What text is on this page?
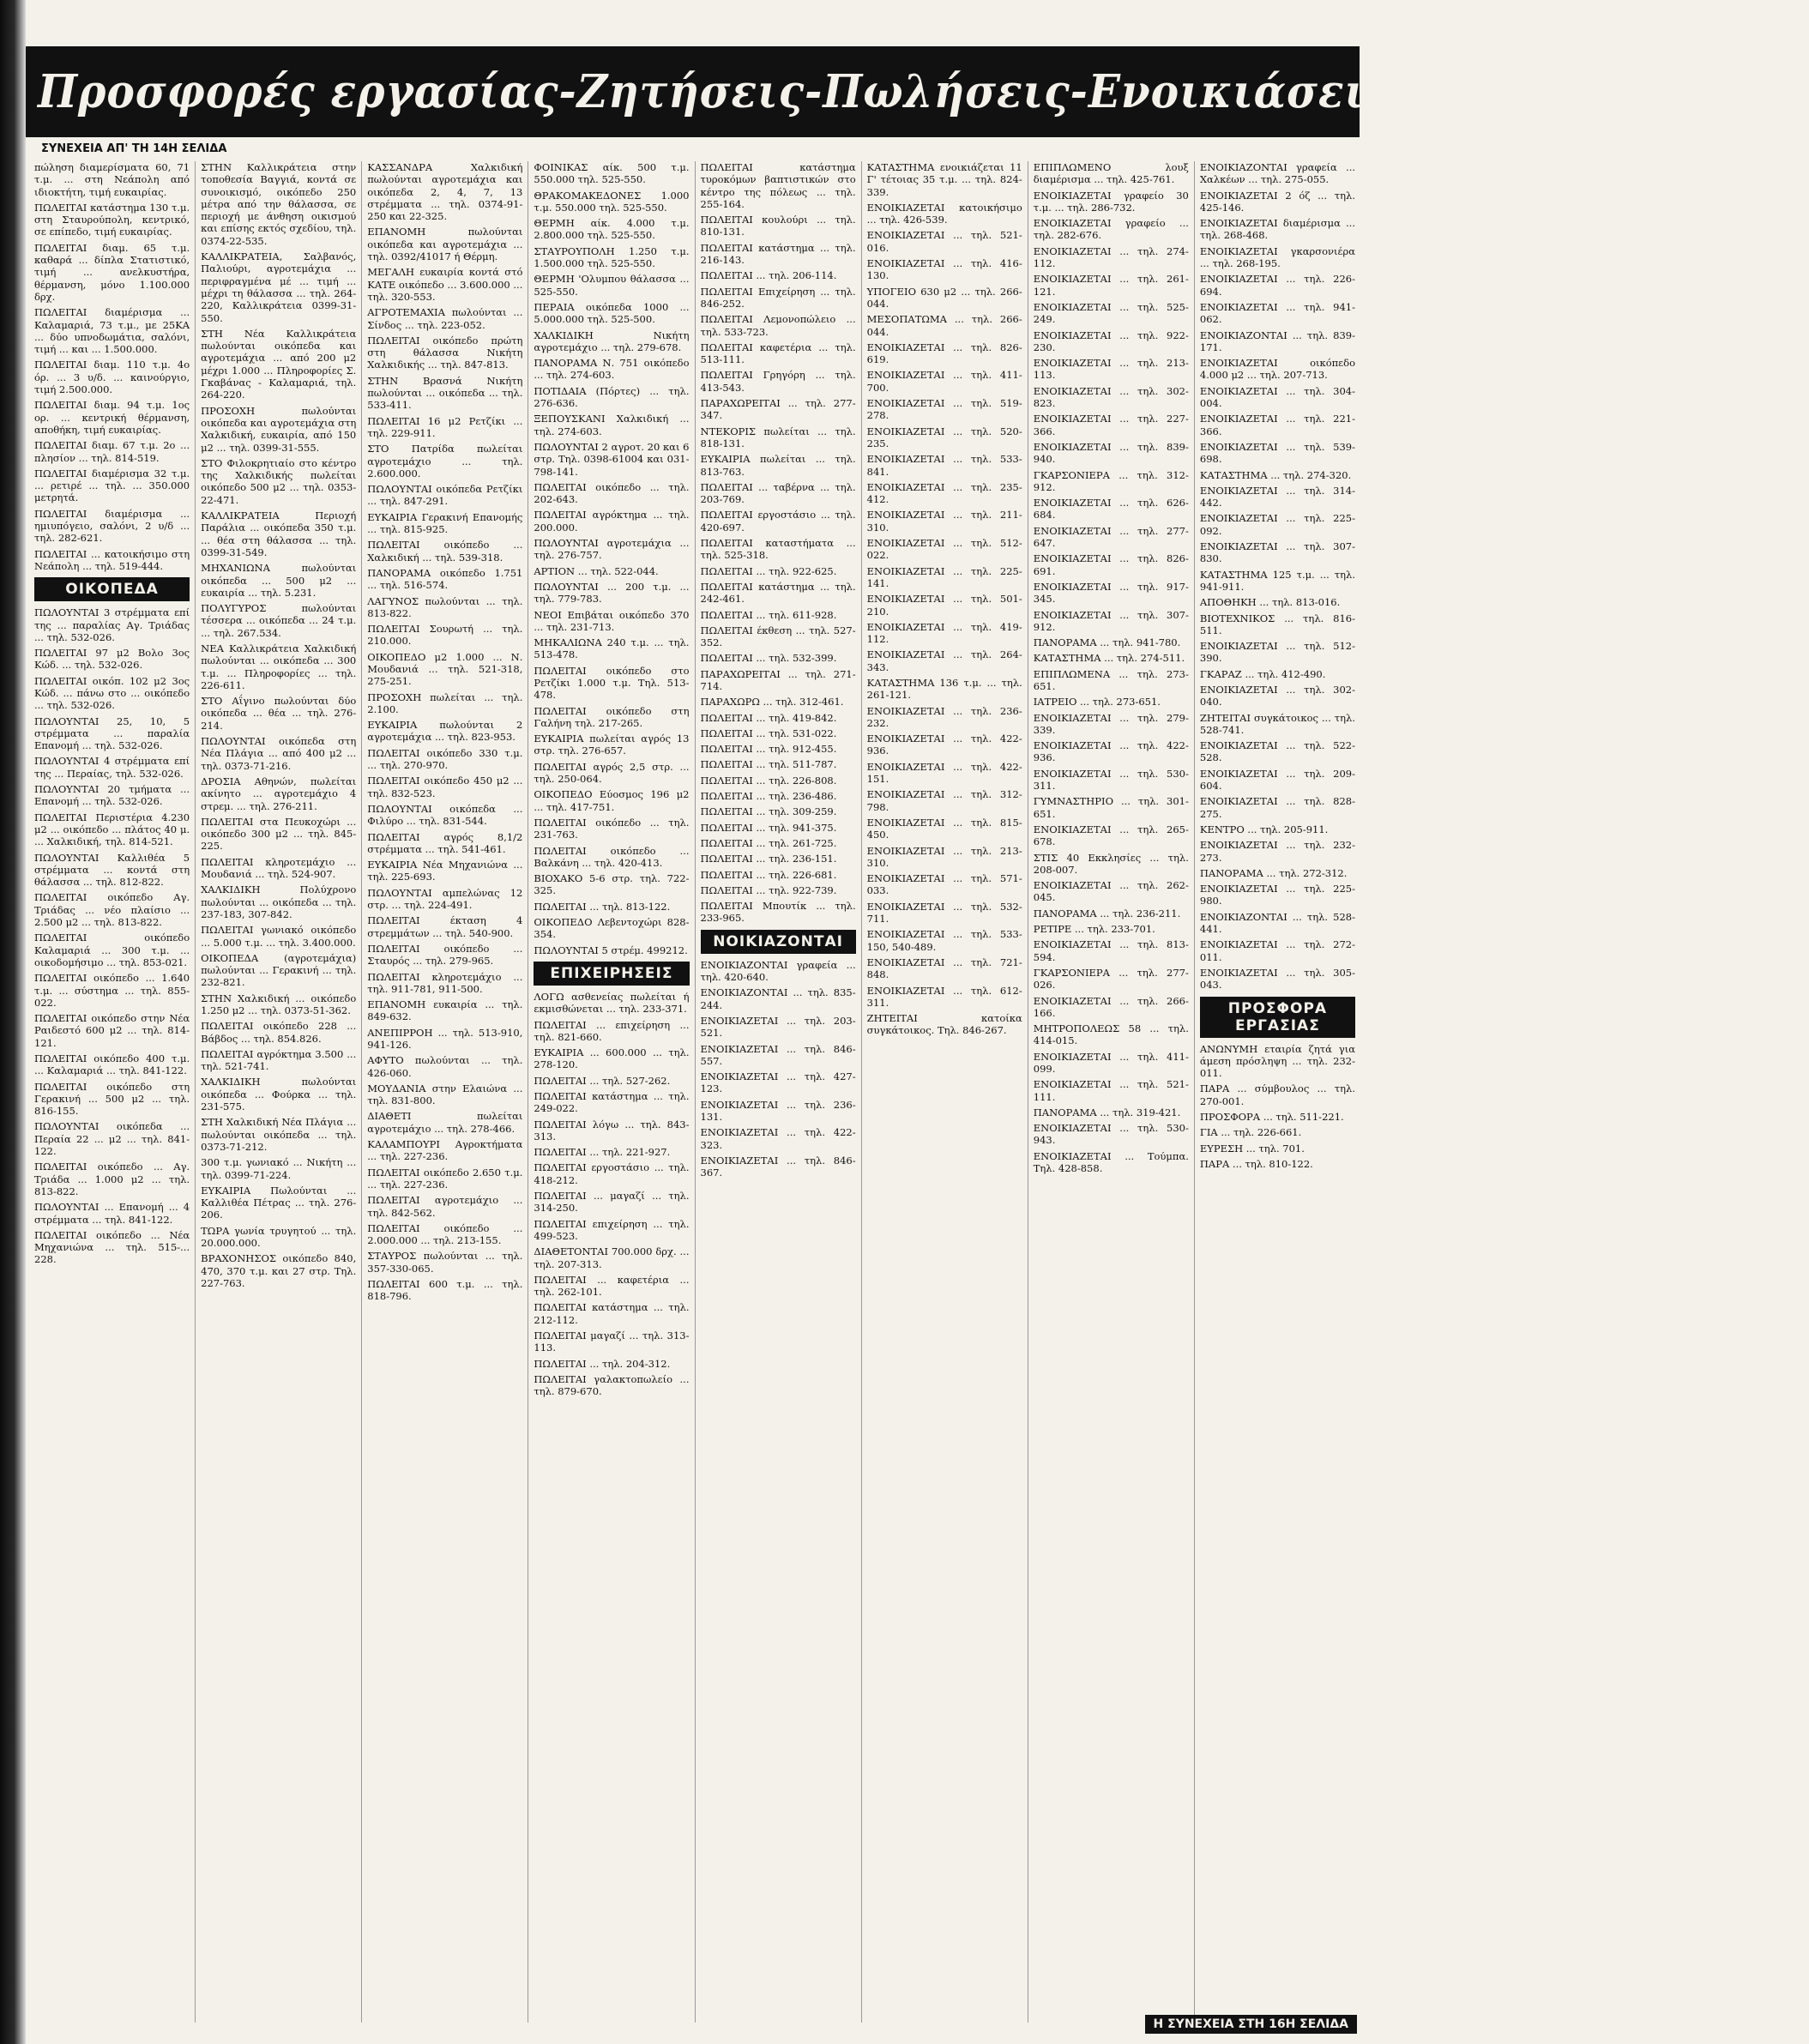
Προσφορές εργασίας-Ζητήσεις-Πωλήσεις-Ενοικιάσεις-Αγορές-Ακίνητα
ΣΥΝΕΧΕΙΑ ΑΠ' ΤΗ 14Η ΣΕΛΙΔΑ
πώληση διαμερίσματα 60, 71 τ.μ. ... στη Νεάπολη από ιδιοκτήτη, τιμή ευκαιρίας.
ΠΩΛΕΙΤΑΙ κατάστημα 130 τ.μ. στη Σταυρούπολη, κεντρικό, σε επίπεδο, τιμή ευκαιρίας.
ΠΩΛΕΙΤΑΙ διαμ. 65 τ.μ. καθαρά ... δίπλα Στατιστικό, τιμή ... ανελκυστήρα, θέρμανση, μόνο 1.100.000 δρχ.
ΠΩΛΕΙΤΑΙ διαμέρισμα ... Καλαμαριά, 73 τ.μ., με 25ΚΑ ... δύο υπνοδωμάτια, σαλόνι, τιμή ... και ... 1.500.000.
ΠΩΛΕΙΤΑΙ διαμ. 110 τ.μ. 4ο όρ. ... 3 υ/δ. ... καινούργιο, τιμή 2.500.000.
ΠΩΛΕΙΤΑΙ διαμ. 94 τ.μ. 1ος ορ. ... κεντρική θέρμανση, αποθήκη, τιμή ευκαιρίας.
ΠΩΛΕΙΤΑΙ διαμ. 67 τ.μ. 2ο ... πλησίον ... τηλ. 814-519.
ΠΩΛΕΙΤΑΙ διαμέρισμα 32 τ.μ. ... ρετιρέ ... τηλ. ... 350.000 μετρητά.
ΠΩΛΕΙΤΑΙ διαμέρισμα ... ημιυπόγειο, σαλόνι, 2 υ/δ ... τηλ. 282-621.
ΠΩΛΕΙΤΑΙ ... κατοικήσιμο στη Νεάπολη ... τηλ. 519-444.
ΟΙΚΟΠΕΔΑ
ΠΩΛΟΥΝΤΑΙ 3 στρέμματα επί της ... παραλίας Αγ. Τριάδας ... τηλ. 532-026.
ΠΩΛΕΙΤΑΙ 97 μ2 Βολο 3ος Κώδ. ... τηλ. 532-026.
ΠΩΛΕΙΤΑΙ οικόπ. 102 μ2 3ος Κώδ. ... πάνω στο ... οικόπεδο ... τηλ. 532-026.
ΠΩΛΟΥΝΤΑΙ 25, 10, 5 στρέμματα ... παραλία Επανομή ... τηλ. 532-026.
ΠΩΛΟΥΝΤΑΙ 4 στρέμματα επί της ... Περαίας, τηλ. 532-026.
ΠΩΛΟΥΝΤΑΙ 20 τμήματα ... Επανομή ... τηλ. 532-026.
ΠΩΛΕΙΤΑΙ Περιστέρια 4.230 μ2 ... οικόπεδο ... πλάτος 40 μ. ... Χαλκιδική, τηλ. 814-521.
ΠΩΛΟΥΝΤΑΙ Καλλιθέα 5 στρέμματα ... κοντά στη θάλασσα ... τηλ. 812-822.
ΠΩΛΕΙΤΑΙ οικόπεδο Αγ. Τριάδας ... νέο πλαίσιο ... 2.500 μ2 ... τηλ. 813-822.
ΠΩΛΕΙΤΑΙ οικόπεδο Καλαμαριά ... 300 τ.μ. ... οικοδομήσιμο ... τηλ. 853-021.
ΠΩΛΕΙΤΑΙ οικόπεδο ... 1.640 τ.μ. ... σύστημα ... τηλ. 855-022.
ΠΩΛΕΙΤΑΙ οικόπεδο στην Νέα Ραιδεστό 600 μ2 ... τηλ. 814-121.
ΠΩΛΕΙΤΑΙ οικόπεδο 400 τ.μ. ... Καλαμαριά ... τηλ. 841-122.
ΠΩΛΕΙΤΑΙ οικόπεδο στη Γερακινή ... 500 μ2 ... τηλ. 816-155.
ΠΩΛΟΥΝΤΑΙ οικόπεδα ... Περαία 22 ... μ2 ... τηλ. 841-122.
ΠΩΛΕΙΤΑΙ οικόπεδο ... Αγ. Τριάδα ... 1.000 μ2 ... τηλ. 813-822.
ΠΩΛΟΥΝΤΑΙ ... Επανομή ... 4 στρέμματα ... τηλ. 841-122.
ΠΩΛΕΙΤΑΙ οικόπεδο ... Νέα Μηχανιώνα ... τηλ. 515-... 228.
ΣΤΗΝ Καλλικράτεια στην τοποθεσία Βαγγιά, κοντά σε συνοικισμό, οικόπεδο 250 μέτρα από την θάλασσα, σε περιοχή με άνθηση οικισμού και επίσης εκτός σχεδίου, τηλ. 0374-22-535.
ΚΑΛΛΙΚΡΑΤΕΙΑ, Σαλβανός, Παλιούρι, αγροτεμάχια ... περιφραγμένα μέ ... τιμή ... μέχρι τη θάλασσα ... τηλ. 264-220, Καλλικράτεια 0399-31-550.
ΣΤΗ Νέα Καλλικράτεια πωλούνται οικόπεδα και αγροτεμάχια ... από 200 μ2 μέχρι 1.000 ... Πληροφορίες Σ. Γκαβάνας - Καλαμαριά, τηλ. 264-220.
ΠΡΟΣΟΧΗ πωλούνται οικόπεδα και αγροτεμάχια στη Χαλκιδική, ευκαιρία, από 150 μ2 ... τηλ. 0399-31-555.
ΣΤΟ Φιλοκρητιαίο στο κέντρο της Χαλκιδικής πωλείται οικόπεδο 500 μ2 ... τηλ. 0353-22-471.
ΚΑΛΛΙΚΡΑΤΕΙΑ Περιοχή Παράλια ... οικόπεδα 350 τ.μ. ... θέα στη θάλασσα ... τηλ. 0399-31-549.
ΜΗΧΑΝΙΩΝΑ πωλούνται οικόπεδα ... 500 μ2 ... ευκαιρία ... τηλ. 5.231.
ΠΟΛΥΓΥΡΟΣ πωλούνται τέσσερα ... οικόπεδα ... 24 τ.μ. ... τηλ. 267.534.
ΝΕΑ Καλλικράτεια Χαλκιδική πωλούνται ... οικόπεδα ... 300 τ.μ. ... Πληροφορίες ... τηλ. 226-611.
ΣΤΟ Αΐγινο πωλούνται δύο οικόπεδα ... θέα ... τηλ. 276-214.
ΠΩΛΟΥΝΤΑΙ οικόπεδα στη Νέα Πλάγια ... από 400 μ2 ... τηλ. 0373-71-216.
ΔΡΟΣΙΑ Αθηνών, πωλείται ακίνητο ... αγροτεμάχιο 4 στρεμ. ... τηλ. 276-211.
ΠΩΛΕΙΤΑΙ στα Πευκοχώρι ... οικόπεδο 300 μ2 ... τηλ. 845-225.
ΠΩΛΕΙΤΑΙ κληροτεμάχιο ... Μουδανιά ... τηλ. 524-907.
ΧΑΛΚΙΔΙΚΗ Πολύχρονο πωλούνται ... οικόπεδα ... τηλ. 237-183, 307-842.
ΠΩΛΕΙΤΑΙ γωνιακό οικόπεδο ... 5.000 τ.μ. ... τηλ. 3.400.000.
ΟΙΚΟΠΕΔΑ (αγροτεμάχια) πωλούνται ... Γερακινή ... τηλ. 232-821.
ΣΤΗΝ Χαλκιδική ... οικόπεδο 1.250 μ2 ... τηλ. 0373-51-362.
ΠΩΛΕΙΤΑΙ οικόπεδο 228 ... Βάβδος ... τηλ. 854.826.
ΠΩΛΕΙΤΑΙ αγρόκτημα 3.500 ... τηλ. 521-741.
ΧΑΛΚΙΔΙΚΗ πωλούνται οικόπεδα ... Φούρκα ... τηλ. 231-575.
ΣΤΗ Χαλκιδική Νέα Πλάγια ... πωλούνται οικόπεδα ... τηλ. 0373-71-212.
300 τ.μ. γωνιακό ... Νικήτη ... τηλ. 0399-71-224.
ΕΥΚΑΙΡΙΑ Πωλούνται ... Καλλιθέα Πέτρας ... τηλ. 276-206.
ΤΩΡΑ γωνία τρυγητού ... τηλ. 20.000.000.
ΒΡΑΧΟΝΗΣΟΣ οικόπεδο 840, 470, 370 τ.μ. και 27 στρ. Τηλ. 227-763.
ΚΑΣΣΑΝΔΡΑ Χαλκιδική πωλούνται αγροτεμάχια και οικόπεδα 2, 4, 7, 13 στρέμματα ... τηλ. 0374-91-250 και 22-325.
ΕΠΑΝΟΜΗ πωλούνται οικόπεδα και αγροτεμάχια ... τηλ. 0392/41017 ή Θέρμη.
ΜΕΓΑΛΗ ευκαιρία κοντά στό ΚΑΤΕ οικόπεδο ... 3.600.000 ... τηλ. 320-553.
ΑΓΡΟΤΕΜΑΧΙΑ πωλούνται ... Σίνδος ... τηλ. 223-052.
ΠΩΛΕΙΤΑΙ οικόπεδο πρώτη στη θάλασσα Νικήτη Χαλκιδικής ... τηλ. 847-813.
ΣΤΗΝ Βρασνά Νικήτη πωλούνται ... οικόπεδα ... τηλ. 533-411.
ΠΩΛΕΙΤΑΙ 16 μ2 Ρετζίκι ... τηλ. 229-911.
ΣΤΟ Πατρίδα πωλείται αγροτεμάχιο ... τηλ. 2.600.000.
ΠΩΛΟΥΝΤΑΙ οικόπεδα Ρετζίκι ... τηλ. 847-291.
ΕΥΚΑΙΡΙΑ Γερακινή Επανομής ... τηλ. 815-925.
ΠΩΛΕΙΤΑΙ οικόπεδο ... Χαλκιδική ... τηλ. 539-318.
ΠΑΝΟΡΑΜΑ οικόπεδο 1.751 ... τηλ. 516-574.
ΛΑΓΥΝΟΣ πωλούνται ... τηλ. 813-822.
ΠΩΛΕΙΤΑΙ Σουρωτή ... τηλ. 210.000.
ΟΙΚΟΠΕΔΟ μ2 1.000 ... Ν. Μουδανιά ... τηλ. 521-318, 275-251.
ΠΡΟΣΟΧΗ πωλείται ... τηλ. 2.100.
ΕΥΚΑΙΡΙΑ πωλούνται 2 αγροτεμάχια ... τηλ. 823-953.
ΠΩΛΕΙΤΑΙ οικόπεδο 330 τ.μ. ... τηλ. 270-970.
ΠΩΛΕΙΤΑΙ οικόπεδο 450 μ2 ... τηλ. 832-523.
ΠΩΛΟΥΝΤΑΙ οικόπεδα ... Φιλύρο ... τηλ. 831-544.
ΠΩΛΕΙΤΑΙ αγρός 8,1/2 στρέμματα ... τηλ. 541-461.
ΕΥΚΑΙΡΙΑ Νέα Μηχανιώνα ... τηλ. 225-693.
ΠΩΛΟΥΝΤΑΙ αμπελώνας 12 στρ. ... τηλ. 224-491.
ΠΩΛΕΙΤΑΙ έκταση 4 στρεμμάτων ... τηλ. 540-900.
ΠΩΛΕΙΤΑΙ οικόπεδο ... Σταυρός ... τηλ. 279-965.
ΠΩΛΕΙΤΑΙ κληροτεμάχιο ... τηλ. 911-781, 911-500.
ΕΠΑΝΟΜΗ ευκαιρία ... τηλ. 849-632.
ΑΝΕΠΙΡΡΟΗ ... τηλ. 513-910, 941-126.
ΑΦΥΤΟ πωλούνται ... τηλ. 426-060.
ΜΟΥΔΑΝΙΑ στην Ελαιώνα ... τηλ. 831-800.
ΔΙΑΘΕΤΙ πωλείται αγροτεμάχιο ... τηλ. 278-466.
ΚΑΛΑΜΠΟΥΡΙ Αγροκτήματα ... τηλ. 227-236.
ΠΩΛΕΙΤΑΙ οικόπεδο 2.650 τ.μ. ... τηλ. 227-236.
ΠΩΛΕΙΤΑΙ αγροτεμάχιο ... τηλ. 842-562.
ΠΩΛΕΙΤΑΙ οικόπεδο ... 2.000.000 ... τηλ. 213-155.
ΣΤΑΥΡΟΣ πωλούνται ... τηλ. 357-330-065.
ΠΩΛΕΙΤΑΙ 600 τ.μ. ... τηλ. 818-796.
ΦΟΙΝΙΚΑΣ αίκ. 500 τ.μ. 550.000 τηλ. 525-550.
ΘΡΑΚΟΜΑΚΕΔΟΝΕΣ 1.000 τ.μ. 550.000 τηλ. 525-550.
ΘΕΡΜΗ αίκ. 4.000 τ.μ. 2.800.000 τηλ. 525-550.
ΣΤΑΥΡΟΥΠΟΛΗ 1.250 τ.μ. 1.500.000 τηλ. 525-550.
ΘΕΡΜΗ 'Ολυμπου θάλασσα ... 525-550.
ΠΕΡΑΙΑ οικόπεδα 1000 ... 5.000.000 τηλ. 525-500.
ΧΑΛΚΙΔΙΚΗ Νικήτη αγροτεμάχιο ... τηλ. 279-678.
ΠΑΝΟΡΑΜΑ Ν. 751 οικόπεδο ... τηλ. 274-603.
ΠΟΤΙΔΑΙΑ (Πόρτες) ... τηλ. 276-636.
ΞΕΠΟΥΣΚΑΝΙ Χαλκιδική ... τηλ. 274-603.
ΠΩΛΟΥΝΤΑΙ 2 αγροτ. 20 και 6 στρ. Τηλ. 0398-61004 και 031-798-141.
ΠΩΛΕΙΤΑΙ οικόπεδο ... τηλ. 202-643.
ΠΩΛΕΙΤΑΙ αγρόκτημα ... τηλ. 200.000.
ΠΩΛΟΥΝΤΑΙ αγροτεμάχια ... τηλ. 276-757.
ΑΡΤΙΟΝ ... τηλ. 522-044.
ΠΩΛΟΥΝΤΑΙ ... 200 τ.μ. ... τηλ. 779-783.
ΝΕΟΙ Επιβάται οικόπεδο 370 ... τηλ. 231-713.
ΜΗΚΑΛΙΩΝΑ 240 τ.μ. ... τηλ. 513-478.
ΠΩΛΕΙΤΑΙ οικόπεδο στο Ρετζίκι 1.000 τ.μ. Τηλ. 513-478.
ΠΩΛΕΙΤΑΙ οικόπεδο στη Γαλήνη τηλ. 217-265.
ΕΥΚΑΙΡΙΑ πωλείται αγρός 13 στρ. τηλ. 276-657.
ΠΩΛΕΙΤΑΙ αγρός 2,5 στρ. ... τηλ. 250-064.
ΟΙΚΟΠΕΔΟ Εύοσμος 196 μ2 ... τηλ. 417-751.
ΠΩΛΕΙΤΑΙ οικόπεδο ... τηλ. 231-763.
ΠΩΛΕΙΤΑΙ οικόπεδο ... Βαλκάνη ... τηλ. 420-413.
ΒΙΟΧΑΚΟ 5-6 στρ. τηλ. 722-325.
ΠΩΛΕΙΤΑΙ ... τηλ. 813-122.
ΟΙΚΟΠΕΔΟ Λεβεντοχώρι 828-354.
ΠΩΛΟΥΝΤΑΙ 5 στρέμ. 499212.
ΕΠΙΧΕΙΡΗΣΕΙΣ
ΛΟΓΩ ασθενείας πωλείται ή εκμισθώνεται ... τηλ. 233-371.
ΠΩΛΕΙΤΑΙ ... επιχείρηση ... τηλ. 821-660.
ΕΥΚΑΙΡΙΑ ... 600.000 ... τηλ. 278-120.
ΠΩΛΕΙΤΑΙ ... τηλ. 527-262.
ΠΩΛΕΙΤΑΙ κατάστημα ... τηλ. 249-022.
ΠΩΛΕΙΤΑΙ λόγω ... τηλ. 843-313.
ΠΩΛΕΙΤΑΙ ... τηλ. 221-927.
ΠΩΛΕΙΤΑΙ εργοστάσιο ... τηλ. 418-212.
ΠΩΛΕΙΤΑΙ ... μαγαζί ... τηλ. 314-250.
ΠΩΛΕΙΤΑΙ επιχείρηση ... τηλ. 499-523.
ΔΙΑΘΕΤΟΝΤΑΙ 700.000 δρχ. ... τηλ. 207-313.
ΠΩΛΕΙΤΑΙ ... καφετέρια ... τηλ. 262-101.
ΠΩΛΕΙΤΑΙ κατάστημα ... τηλ. 212-112.
ΠΩΛΕΙΤΑΙ μαγαζί ... τηλ. 313-113.
ΠΩΛΕΙΤΑΙ ... τηλ. 204-312.
ΠΩΛΕΙΤΑΙ γαλακτοπωλείο ... τηλ. 879-670.
ΠΩΛΕΙΤΑΙ κατάστημα τυροκόμων βαπτιστικών στο κέντρο της πόλεως ... τηλ. 255-164.
ΠΩΛΕΙΤΑΙ κουλούρι ... τηλ. 810-131.
ΠΩΛΕΙΤΑΙ κατάστημα ... τηλ. 216-143.
ΠΩΛΕΙΤΑΙ ... τηλ. 206-114.
ΠΩΛΕΙΤΑΙ Επιχείρηση ... τηλ. 846-252.
ΠΩΛΕΙΤΑΙ Λεμονοπώλειο ... τηλ. 533-723.
ΠΩΛΕΙΤΑΙ καφετέρια ... τηλ. 513-111.
ΠΩΛΕΙΤΑΙ Γρηγόρη ... τηλ. 413-543.
ΠΑΡΑΧΩΡΕΙΤΑΙ ... τηλ. 277-347.
ΝΤΕΚΟΡΙΣ πωλείται ... τηλ. 818-131.
ΕΥΚΑΙΡΙΑ πωλείται ... τηλ. 813-763.
ΠΩΛΕΙΤΑΙ ... ταβέρνα ... τηλ. 203-769.
ΠΩΛΕΙΤΑΙ εργοστάσιο ... τηλ. 420-697.
ΠΩΛΕΙΤΑΙ καταστήματα ... τηλ. 525-318.
ΠΩΛΕΙΤΑΙ ... τηλ. 922-625.
ΠΩΛΕΙΤΑΙ κατάστημα ... τηλ. 242-461.
ΠΩΛΕΙΤΑΙ ... τηλ. 611-928.
ΠΩΛΕΙΤΑΙ έκθεση ... τηλ. 527-352.
ΠΩΛΕΙΤΑΙ ... τηλ. 532-399.
ΠΑΡΑΧΩΡΕΙΤΑΙ ... τηλ. 271-714.
ΠΑΡΑΧΩΡΩ ... τηλ. 312-461.
ΠΩΛΕΙΤΑΙ ... τηλ. 419-842.
ΠΩΛΕΙΤΑΙ ... τηλ. 531-022.
ΠΩΛΕΙΤΑΙ ... τηλ. 912-455.
ΠΩΛΕΙΤΑΙ ... τηλ. 511-787.
ΠΩΛΕΙΤΑΙ ... τηλ. 226-808.
ΠΩΛΕΙΤΑΙ ... τηλ. 236-486.
ΠΩΛΕΙΤΑΙ ... τηλ. 309-259.
ΠΩΛΕΙΤΑΙ ... τηλ. 941-375.
ΠΩΛΕΙΤΑΙ ... τηλ. 261-725.
ΠΩΛΕΙΤΑΙ ... τηλ. 236-151.
ΠΩΛΕΙΤΑΙ ... τηλ. 226-681.
ΠΩΛΕΙΤΑΙ ... τηλ. 922-739.
ΠΩΛΕΙΤΑΙ Μπουτίκ ... τηλ. 233-965.
ΝΟΙΚΙΑΖΟΝΤΑΙ
ΕΝΟΙΚΙΑΖΟΝΤΑΙ γραφεία ... τηλ. 420-640.
ΕΝΟΙΚΙΑΖΟΝΤΑΙ ... τηλ. 835-244.
ΕΝΟΙΚΙΑΖΕΤΑΙ ... τηλ. 203-521.
ΕΝΟΙΚΙΑΖΕΤΑΙ ... τηλ. 846-557.
ΕΝΟΙΚΙΑΖΕΤΑΙ ... τηλ. 427-123.
ΕΝΟΙΚΙΑΖΕΤΑΙ ... τηλ. 236-131.
ΕΝΟΙΚΙΑΖΕΤΑΙ ... τηλ. 422-323.
ΕΝΟΙΚΙΑΖΕΤΑΙ ... τηλ. 846-367.
ΚΑΤΑΣΤΗΜΑ ενοικιάζεται 11 Γ' τέτοιας 35 τ.μ. ... τηλ. 824-339.
ΕΝΟΙΚΙΑΖΕΤΑΙ κατοικήσιμο ... τηλ. 426-539.
ΕΝΟΙΚΙΑΖΕΤΑΙ ... τηλ. 521-016.
ΕΝΟΙΚΙΑΖΕΤΑΙ ... τηλ. 416-130.
ΥΠΟΓΕΙΟ 630 μ2 ... τηλ. 266-044.
ΜΕΣΟΠΑΤΩΜΑ ... τηλ. 266-044.
ΕΝΟΙΚΙΑΖΕΤΑΙ ... τηλ. 826-619.
ΕΝΟΙΚΙΑΖΕΤΑΙ ... τηλ. 411-700.
ΕΝΟΙΚΙΑΖΕΤΑΙ ... τηλ. 519-278.
ΕΝΟΙΚΙΑΖΕΤΑΙ ... τηλ. 520-235.
ΕΝΟΙΚΙΑΖΕΤΑΙ ... τηλ. 533-841.
ΕΝΟΙΚΙΑΖΕΤΑΙ ... τηλ. 235-412.
ΕΝΟΙΚΙΑΖΕΤΑΙ ... τηλ. 211-310.
ΕΝΟΙΚΙΑΖΕΤΑΙ ... τηλ. 512-022.
ΕΝΟΙΚΙΑΖΕΤΑΙ ... τηλ. 225-141.
ΕΝΟΙΚΙΑΖΕΤΑΙ ... τηλ. 501-210.
ΕΝΟΙΚΙΑΖΕΤΑΙ ... τηλ. 419-112.
ΕΝΟΙΚΙΑΖΕΤΑΙ ... τηλ. 264-343.
ΚΑΤΑΣΤΗΜΑ 136 τ.μ. ... τηλ. 261-121.
ΕΝΟΙΚΙΑΖΕΤΑΙ ... τηλ. 236-232.
ΕΝΟΙΚΙΑΖΕΤΑΙ ... τηλ. 422-936.
ΕΝΟΙΚΙΑΖΕΤΑΙ ... τηλ. 422-151.
ΕΝΟΙΚΙΑΖΕΤΑΙ ... τηλ. 312-798.
ΕΝΟΙΚΙΑΖΕΤΑΙ ... τηλ. 815-450.
ΕΝΟΙΚΙΑΖΕΤΑΙ ... τηλ. 213-310.
ΕΝΟΙΚΙΑΖΕΤΑΙ ... τηλ. 571-033.
ΕΝΟΙΚΙΑΖΕΤΑΙ ... τηλ. 532-711.
ΕΝΟΙΚΙΑΖΕΤΑΙ ... τηλ. 533-150, 540-489.
ΕΝΟΙΚΙΑΖΕΤΑΙ ... τηλ. 721-848.
ΕΝΟΙΚΙΑΖΕΤΑΙ ... τηλ. 612-311.
ΖΗΤΕΙΤΑΙ κατοίκα συγκάτοικος. Τηλ. 846-267.
ΕΠΙΠΛΩΜΕΝΟ λουξ διαμέρισμα ... τηλ. 425-761.
ΕΝΟΙΚΙΑΖΕΤΑΙ γραφείο 30 τ.μ. ... τηλ. 286-732.
ΕΝΟΙΚΙΑΖΕΤΑΙ γραφείο ... τηλ. 282-676.
ΕΝΟΙΚΙΑΖΕΤΑΙ ... τηλ. 274-112.
ΕΝΟΙΚΙΑΖΕΤΑΙ ... τηλ. 261-121.
ΕΝΟΙΚΙΑΖΕΤΑΙ ... τηλ. 525-249.
ΕΝΟΙΚΙΑΖΕΤΑΙ ... τηλ. 922-230.
ΕΝΟΙΚΙΑΖΕΤΑΙ ... τηλ. 213-113.
ΕΝΟΙΚΙΑΖΕΤΑΙ ... τηλ. 302-823.
ΕΝΟΙΚΙΑΖΕΤΑΙ ... τηλ. 227-366.
ΕΝΟΙΚΙΑΖΕΤΑΙ ... τηλ. 839-940.
ΓΚΑΡΣΟΝΙΕΡΑ ... τηλ. 312-912.
ΕΝΟΙΚΙΑΖΕΤΑΙ ... τηλ. 626-684.
ΕΝΟΙΚΙΑΖΕΤΑΙ ... τηλ. 277-647.
ΕΝΟΙΚΙΑΖΕΤΑΙ ... τηλ. 826-691.
ΕΝΟΙΚΙΑΖΕΤΑΙ ... τηλ. 917-345.
ΕΝΟΙΚΙΑΖΕΤΑΙ ... τηλ. 307-912.
ΠΑΝΟΡΑΜΑ ... τηλ. 941-780.
ΚΑΤΑΣΤΗΜΑ ... τηλ. 274-511.
ΕΠΙΠΛΩΜΕΝΑ ... τηλ. 273-651.
ΙΑΤΡΕΙΟ ... τηλ. 273-651.
ΕΝΟΙΚΙΑΖΕΤΑΙ ... τηλ. 279-339.
ΕΝΟΙΚΙΑΖΕΤΑΙ ... τηλ. 422-936.
ΕΝΟΙΚΙΑΖΕΤΑΙ ... τηλ. 530-311.
ΓΥΜΝΑΣΤΗΡΙΟ ... τηλ. 301-651.
ΕΝΟΙΚΙΑΖΕΤΑΙ ... τηλ. 265-678.
ΣΤΙΣ 40 Εκκλησίες ... τηλ. 208-007.
ΕΝΟΙΚΙΑΖΕΤΑΙ ... τηλ. 262-045.
ΠΑΝΟΡΑΜΑ ... τηλ. 236-211.
ΡΕΤΙΡΕ ... τηλ. 233-701.
ΕΝΟΙΚΙΑΖΕΤΑΙ ... τηλ. 813-594.
ΓΚΑΡΣΟΝΙΕΡΑ ... τηλ. 277-026.
ΕΝΟΙΚΙΑΖΕΤΑΙ ... τηλ. 266-166.
ΜΗΤΡΟΠΟΛΕΩΣ 58 ... τηλ. 414-015.
ΕΝΟΙΚΙΑΖΕΤΑΙ ... τηλ. 411-099.
ΕΝΟΙΚΙΑΖΕΤΑΙ ... τηλ. 521-111.
ΠΑΝΟΡΑΜΑ ... τηλ. 319-421.
ΕΝΟΙΚΙΑΖΕΤΑΙ ... τηλ. 530-943.
ΕΝΟΙΚΙΑΖΕΤΑΙ ... Τούμπα. Τηλ. 428-858.
ΕΝΟΙΚΙΑΖΟΝΤΑΙ γραφεία ... Χαλκέων ... τηλ. 275-055.
ΕΝΟΙΚΙΑΖΕΤΑΙ 2 όζ ... τηλ. 425-146.
ΕΝΟΙΚΙΑΖΕΤΑΙ διαμέρισμα ... τηλ. 268-468.
ΕΝΟΙΚΙΑΖΕΤΑΙ γκαρσονιέρα ... τηλ. 268-195.
ΕΝΟΙΚΙΑΖΕΤΑΙ ... τηλ. 226-694.
ΕΝΟΙΚΙΑΖΕΤΑΙ ... τηλ. 941-062.
ΕΝΟΙΚΙΑΖΟΝΤΑΙ ... τηλ. 839-171.
ΕΝΟΙΚΙΑΖΕΤΑΙ οικόπεδο 4.000 μ2 ... τηλ. 207-713.
ΕΝΟΙΚΙΑΖΕΤΑΙ ... τηλ. 304-004.
ΕΝΟΙΚΙΑΖΕΤΑΙ ... τηλ. 221-366.
ΕΝΟΙΚΙΑΖΕΤΑΙ ... τηλ. 539-698.
ΚΑΤΑΣΤΗΜΑ ... τηλ. 274-320.
ΕΝΟΙΚΙΑΖΕΤΑΙ ... τηλ. 314-442.
ΕΝΟΙΚΙΑΖΕΤΑΙ ... τηλ. 225-092.
ΕΝΟΙΚΙΑΖΕΤΑΙ ... τηλ. 307-830.
ΚΑΤΑΣΤΗΜΑ 125 τ.μ. ... τηλ. 941-911.
ΑΠΟΘΗΚΗ ... τηλ. 813-016.
ΒΙΟΤΕΧΝΙΚΟΣ ... τηλ. 816-511.
ΕΝΟΙΚΙΑΖΕΤΑΙ ... τηλ. 512-390.
ΓΚΑΡΑΖ ... τηλ. 412-490.
ΕΝΟΙΚΙΑΖΕΤΑΙ ... τηλ. 302-040.
ΖΗΤΕΙΤΑΙ συγκάτοικος ... τηλ. 528-741.
ΕΝΟΙΚΙΑΖΕΤΑΙ ... τηλ. 522-528.
ΕΝΟΙΚΙΑΖΕΤΑΙ ... τηλ. 209-604.
ΕΝΟΙΚΙΑΖΕΤΑΙ ... τηλ. 828-275.
ΚΕΝΤΡΟ ... τηλ. 205-911.
ΕΝΟΙΚΙΑΖΕΤΑΙ ... τηλ. 232-273.
ΠΑΝΟΡΑΜΑ ... τηλ. 272-312.
ΕΝΟΙΚΙΑΖΕΤΑΙ ... τηλ. 225-980.
ΕΝΟΙΚΙΑΖΟΝΤΑΙ ... τηλ. 528-441.
ΕΝΟΙΚΙΑΖΕΤΑΙ ... τηλ. 272-011.
ΕΝΟΙΚΙΑΖΕΤΑΙ ... τηλ. 305-043.
ΠΡΟΣΦΟΡΑ ΕΡΓΑΣΙΑΣ
ΑΝΩΝΥΜΗ εταιρία ζητά για άμεση πρόσληψη ... τηλ. 232-011.
ΠΑΡΑ ... σύμβουλος ... τηλ. 270-001.
ΠΡΟΣΦΟΡΑ ... τηλ. 511-221.
ΓΙΑ ... τηλ. 226-661.
ΕΥΡΕΣΗ ... τηλ. 701.
ΠΑΡΑ ... τηλ. 810-122.
Η ΣΥΝΕΧΕΙΑ ΣΤΗ 16Η ΣΕΛΙΔΑ
